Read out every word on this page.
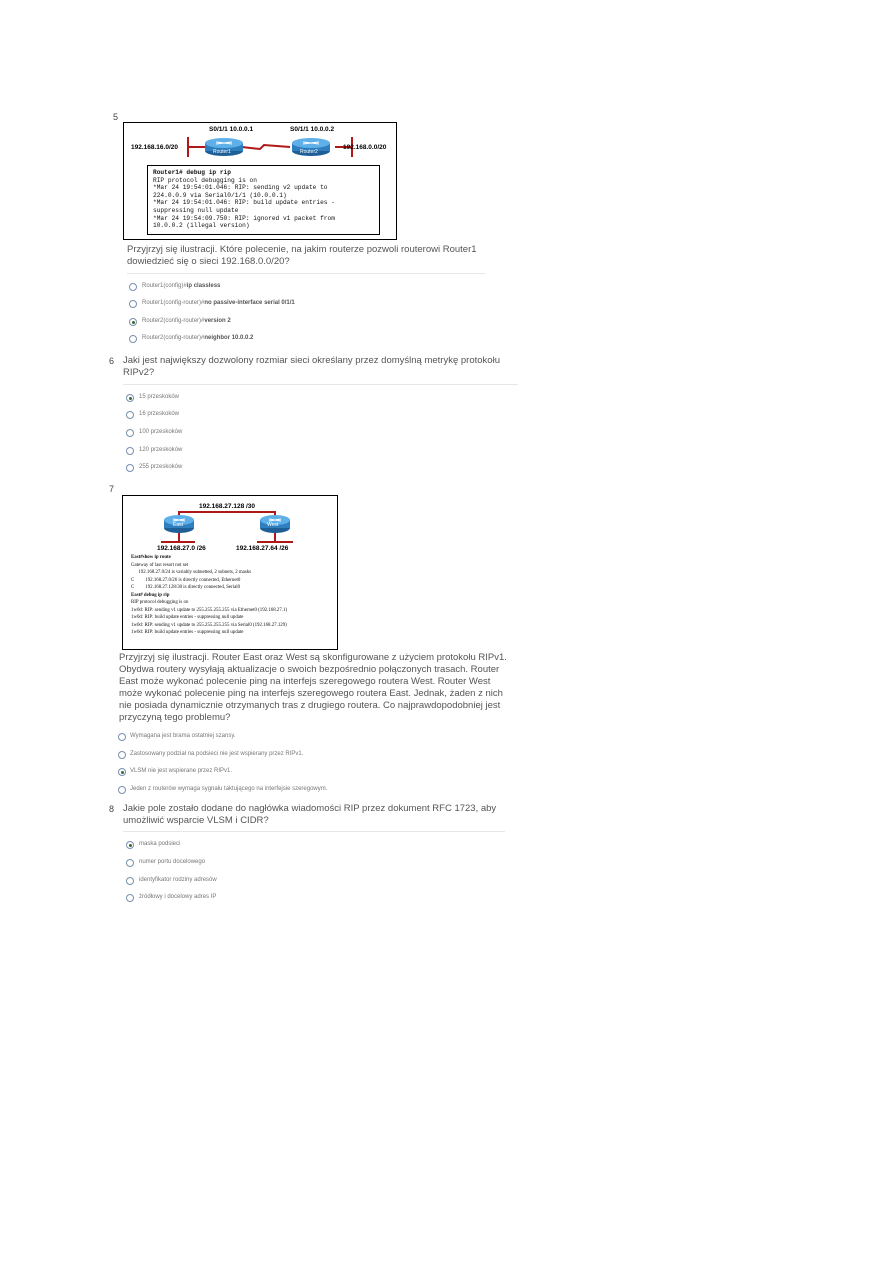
5
S0/1/1 10.0.0.1	S0/1/1 10.0.0.2
192.168.16.0/20	192.168.0.0/20
Router1	Router2
Router1# debug ip rip
RIP protocol debugging is on
*Mar 24 19:54:01.046: RIP: sending v2 update to
224.0.0.9 via Serial0/1/1 (10.0.0.1)
*Mar 24 19:54:01.046: RIP: build update entries -
suppressing null update
*Mar 24 19:54:09.750: RIP: ignored v1 packet from
10.0.0.2 (illegal version)
Przyjrzyj się ilustracji. Które polecenie, na jakim routerze pozwoli routerowi Router1 dowiedzieć się o sieci 192.168.0.0/20?
Router1(config)#ip classless
Router1(config-router)#no passive-interface serial 0/1/1
Router2(config-router)#version 2
Router2(config-router)#neighbor 10.0.0.2
6 Jaki jest największy dozwolony rozmiar sieci określany przez domyślną metrykę protokołu RIPv2?
15 przeskoków
16 przeskoków
100 przeskoków
120 przeskoków
255 przeskoków
7
192.168.27.128 /30
East	West
192.168.27.0 /26	192.168.27.64 /26
East#show ip route
Gateway of last resort not set
192.168.27.0/24 is variably subnetted, 2 subnets, 2 masks
C         192.168.27.0/26 is directly connected, Ethernet0
C         192.168.27.128/30 is directly connected, Serial0
East# debug ip rip
RIP protocol debugging is on
1w0d: RIP: sending v1 update to 255.255.255.255 via Ethernet0 (192.168.27.1)
1w0d: RIP: build update entries - suppressing null update
1w0d: RIP: sending v1 update to 255.255.255.255 via Serial0 (192.168.27.129)
1w0d: RIP: build update entries - suppressing null update
Przyjrzyj się ilustracji. Router East oraz West są skonfigurowane z użyciem protokołu RIPv1. Obydwa routery wysyłają aktualizacje o swoich bezpośrednio połączonych trasach. Router East może wykonać polecenie ping na interfejs szeregowego routera West. Router West może wykonać polecenie ping na interfejs szeregowego routera East. Jednak, żaden z nich nie posiada dynamicznie otrzymanych tras z drugiego routera. Co najprawdopodobniej jest przyczyną tego problemu?
Wymagana jest brama ostatniej szansy.
Zastosowany podział na podsieci nie jest wspierany przez RIPv1.
VLSM nie jest wspierane przez RIPv1.
Jeden z routerów wymaga sygnału taktującego na interfejsie szeregowym.
8 Jakie pole zostało dodane do nagłówka wiadomości RIP przez dokument RFC 1723, aby umożliwić wsparcie VLSM i CIDR?
maska podsieci
numer portu docelowego
identyfikator rodziny adresów
źródłowy i docelowy adres IP
